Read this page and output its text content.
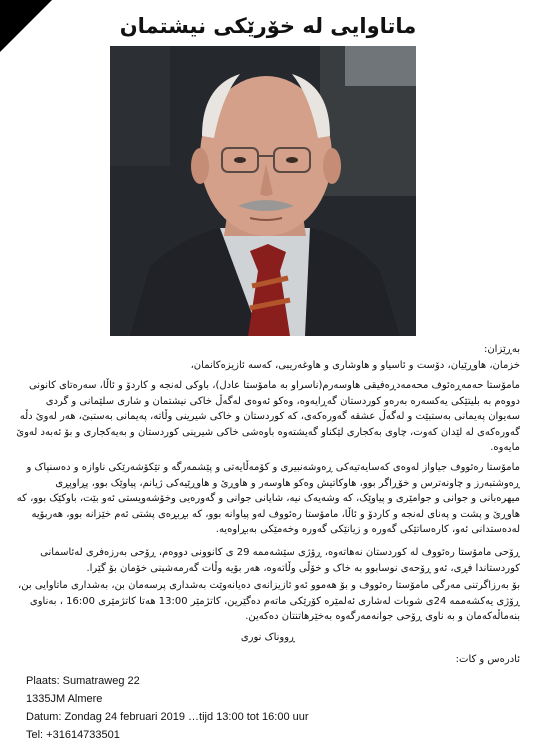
ماتاوایی لە خۆرێکی نیشتمان
بەڕێزان:
خزمان، هاوڕێیان، دۆست و ئاسیاو و هاوشاری و هاوغەریبی، کەسە ئازیزەکانمان،
مامۆستا حەمەڕەئوف محەمەدڕەفیقی هاوسەرم(ناسراو بە مامۆستا عادل)، باوکی لەنجە و کاردۆ و ئاڵا، سەرەتای کانونی دووەم بە بلیتێکی یەکسەرە بەرەو کوردستان گەڕایەوە، وەکو ئەوەی لەگەڵ خاکی نیشتمان و شاری سلێمانی و گردی سەیوان پەیمانی بەستبێت و لەگەڵ عشقە گەورەکەی، کە کوردستان و خاکی شیرینی وڵاتە، پەیمانی بەستبێ، هەر لەوێ دڵە گەورەکەی لە لێدان کەوت، چاوی بەکجاری لێکناو گەیشتەوە باوەشی خاکی شیرینی کوردستان و بەیەکجاری و بۆ ئەبەد لەوێ مایەوە.
مامۆستا رەئووف جیاواز لەوەی کەسایەتیەکی ڕەوشەنبیری و کۆمەڵایەتی و پێشمەرگە و تێکۆشەرێکی ناوازە و دەسنپاک و ڕەوشتبەرز و چاونەترس و خۆڕاگر بوو، هاوکاتیش وەکو هاوسەر و هاوڕێ و هاوڕێیەکی ژیانم، پیاوێک بوو، پڕاوپڕی میهرەبانی و جوانی و جوامێری و پیاوێک، کە وشەیەک نیە، شایانی جوانی و گەورەیی وخۆشەویستی ئەو بێت، باوکێک بوو، کە هاوڕێ و پشت و پەنای لەنجە و کاردۆ و ئاڵا، مامۆستا رەئووف لەو پیاوانە بوو، کە بڕبڕەی پشتی ئەم خێزانە بوو، هەربۆیە لەدەستدانی ئەو، کارەساتێکی گەورە و زیانێکی گەورە وخەمێکی بەبڕاوەیە.
ڕۆحی مامۆستا رەئووف لە کوردستان نەهاتەوە، ڕۆژی سێشەممە 29 ی کانوونی دووەم، ڕۆحی بەرزەفری لەئاسمانی کوردستاندا فڕی، ئەو ڕۆحەی نوسابوو بە خاک و خۆڵی وڵاتەوە، هەر بۆیە وڵات گەرمەشینی خۆمان بۆ گێرا.
بۆ بەرزاگرتنی مەرگی مامۆستا رەئووف و بۆ هەموو ئەو ئازیزانەی دەیانەوێت بەشداری پرسەمان بن، بەشداری ماتاوایی بن، ڕۆژی یەکشەممە 24ی شوبات لەشاری ئەلمێرە کۆرێکی ماتەم دەگێرین، کاتژمێر 13:00 هەتا کاتژمێری 16:00 ، بەناوی بنەماڵەکەمان و بە ناوی ڕۆحی جوانەمەرگەوە بەخێرهاتنتان دەکەین.
ڕووناک نوری
ئادرەس و کات:
Plaats: Sumatraweg 22
1335JM Almere
Datum: Zondag 24 februari 2019 …tijd 13:00 tot 16:00 uur
Tel: +31614733501
